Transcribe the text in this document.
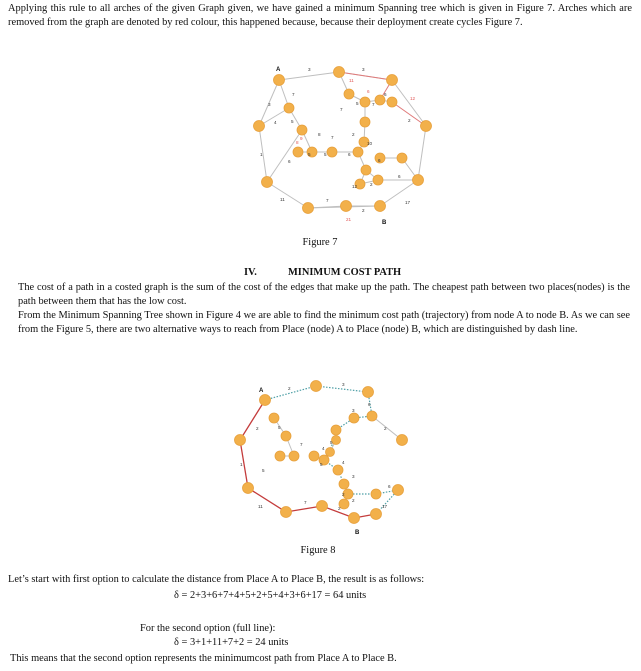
Applying this rule to all arches of the given Graph given, we have gained a minimum Spanning tree which is given in Figure 7. Arches which are removed from the graph are denoted by red colour, this happened because, because their deployment create cycles Figure 7.
3	3
11
7
3
6
6
5	7
12
2
7
4	5
2
10
8
5	5	6
8
9
1
6
12	2
6
6
17
11	7
2
21
7
A
B
Figure 7
IV.	MINIMUM COST PATH
The cost of a path in a costed graph is the sum of the cost of the edges that make up the path. The cheapest path between two places(nodes) is the path between them that has the low cost.
From the Minimum Spanning Tree shown in Figure 4 we are able to find the minimum cost path (trajectory) from node A to node B. As we can see from the Figure 5, there are two alternative ways to reach from Place (node) A to Place (node) B, which are distinguished by dash line.
2
3
6
3
2	5	2
5
1	4
3
5
2
6
2
17
11
7
2
5
4
7
A
B
Figure 8
Let’s start with first option to calculate the distance from Place A to Place B, the result is as follows:
δ = 2+3+6+7+4+5+2+5+4+3+6+17 = 64 units
For the second option (full line):
δ = 3+1+11+7+2 = 24 units
This means that the second option represents the minimumcost path from Place A to Place B.
